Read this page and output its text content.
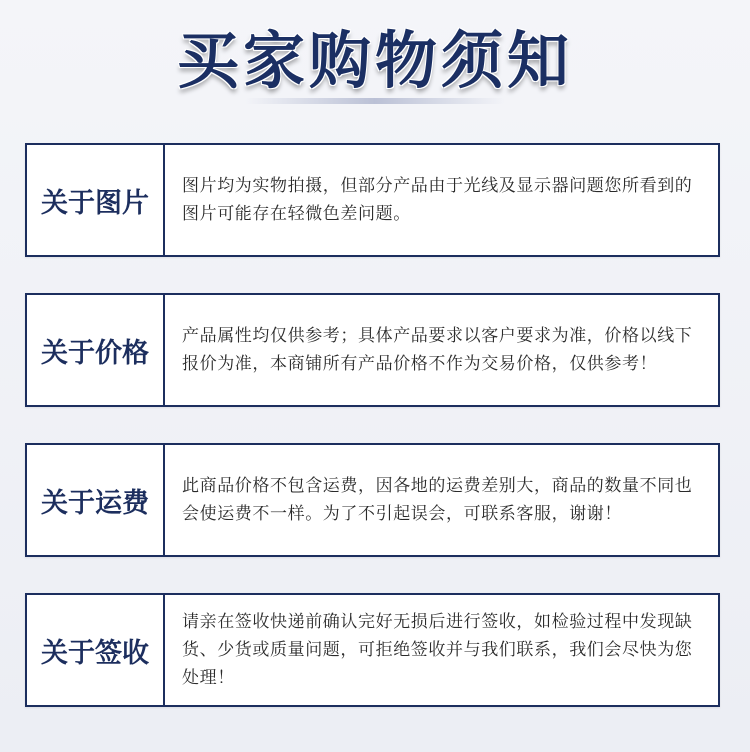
买家购物须知
关于图片
图片均为实物拍摄，但部分产品由于光线及显示器问题您所看到的图片可能存在轻微色差问题。
关于价格
产品属性均仅供参考；具体产品要求以客户要求为准，价格以线下报价为准，本商铺所有产品价格不作为交易价格，仅供参考！
关于运费
此商品价格不包含运费，因各地的运费差别大，商品的数量不同也会使运费不一样。为了不引起误会，可联系客服，谢谢！
关于签收
请亲在签收快递前确认完好无损后进行签收，如检验过程中发现缺货、少货或质量问题，可拒绝签收并与我们联系，我们会尽快为您处理！
